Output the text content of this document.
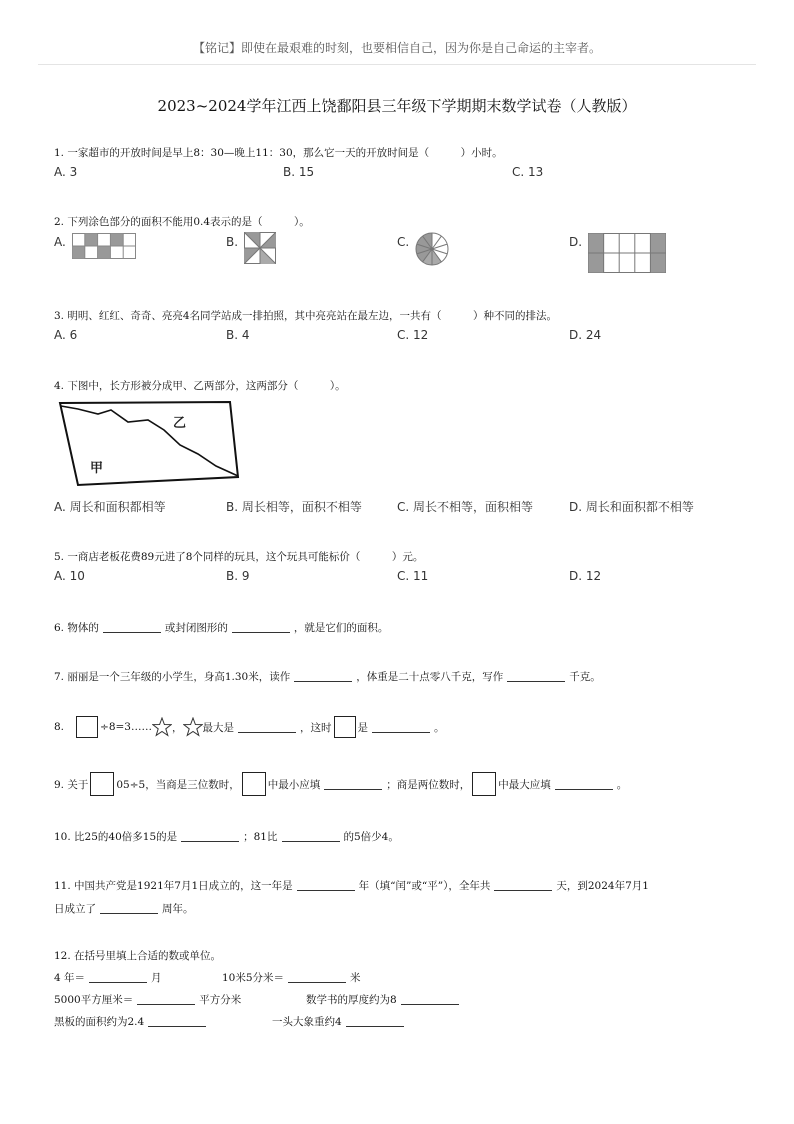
【铭记】即使在最艰难的时刻，也要相信自己，因为你是自己命运的主宰者。
2023~2024学年江西上饶鄱阳县三年级下学期期末数学试卷（人教版）
1. 一家超市的开放时间是早上8：30—晚上11：30，那么它一天的开放时间是（　　　）小时。
A. 3	B. 15	C. 13
2. 下列涂色部分的面积不能用0.4表示的是（　　　）。
A.	B.	C.	D.
3. 明明、红红、奇奇、亮亮4名同学站成一排拍照，其中亮亮站在最左边，一共有（　　　）种不同的排法。
A. 6	B. 4	C. 12	D. 24
4. 下图中，长方形被分成甲、乙两部分，这两部分（　　　）。
乙
甲
A. 周长和面积都相等	B. 周长相等，面积不相等	C. 周长不相等，面积相等	D. 周长和面积都不相等
5. 一商店老板花费89元进了8个同样的玩具，这个玩具可能标价（　　　）元。
A. 10	B. 9	C. 11	D. 12
6. 物体的	或封闭图形的	，就是它们的面积。
7. 丽丽是一个三年级的小学生，身高1.30米，读作	，体重是二十点零八千克，写作	千克。
8.	÷8=3…… ， 最大是	，这时 是	。
9. 关于	05÷5，当商是三位数时，	中最小应填	；商是两位数时，	中最大应填	。
10. 比25的40倍多15的是	；81比	的5倍少4。
11. 中国共产党是1921年7月1日成立的，这一年是	年（填“闰”或“平”），全年共	天，到2024年7月1
日成立了	周年。
12. 在括号里填上合适的数或单位。
4 年＝	月	10米5分米＝	米
5000平方厘米＝	平方分米	数学书的厚度约为8
黑板的面积约为2.4	一头大象重约4
